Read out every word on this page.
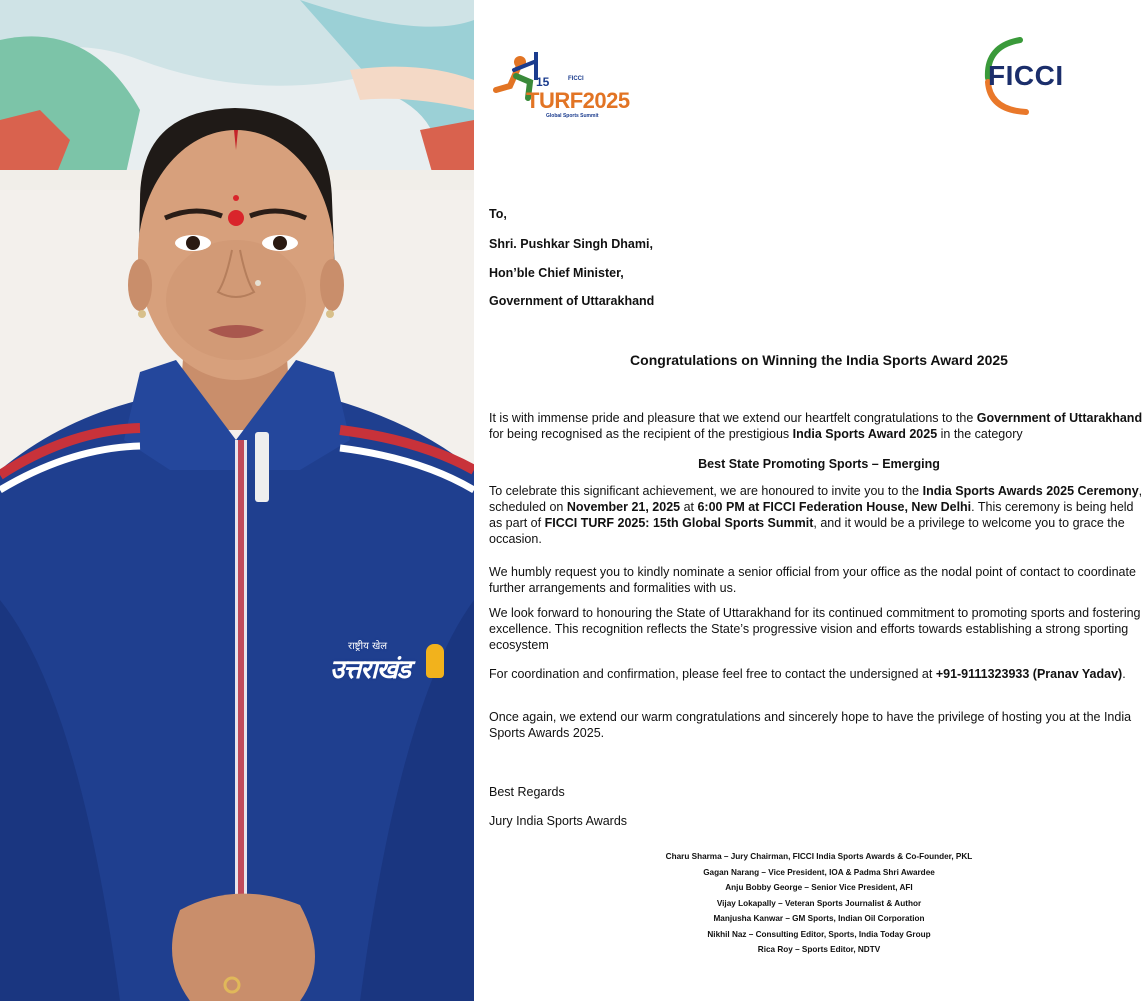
राष्ट्रीय खेल
उत्तराखंड
15	FICCI
TURF2025
Global Sports Summit
FICCI
To,
Shri. Pushkar Singh Dhami,
Hon’ble Chief Minister,
Government of Uttarakhand
Congratulations on Winning the India Sports Award 2025
It is with immense pride and pleasure that we extend our heartfelt congratulations to the Government of Uttarakhand for being recognised as the recipient of the prestigious India Sports Award 2025 in the category
Best State Promoting Sports – Emerging
To celebrate this significant achievement, we are honoured to invite you to the India Sports Awards 2025 Ceremony, scheduled on November 21, 2025 at 6:00 PM at FICCI Federation House, New Delhi. This ceremony is being held as part of FICCI TURF 2025: 15th Global Sports Summit, and it would be a privilege to welcome you to grace the occasion.
We humbly request you to kindly nominate a senior official from your office as the nodal point of contact to coordinate further arrangements and formalities with us.
We look forward to honouring the State of Uttarakhand for its continued commitment to promoting sports and fostering excellence. This recognition reflects the State’s progressive vision and efforts towards establishing a strong sporting ecosystem
For coordination and confirmation, please feel free to contact the undersigned at +91-9111323933 (Pranav Yadav).
Once again, we extend our warm congratulations and sincerely hope to have the privilege of hosting you at the India Sports Awards 2025.
Best Regards
Jury India Sports Awards
Charu Sharma – Jury Chairman, FICCI India Sports Awards & Co-Founder, PKL
Gagan Narang – Vice President, IOA & Padma Shri Awardee
Anju Bobby George – Senior Vice President, AFI
Vijay Lokapally – Veteran Sports Journalist & Author
Manjusha Kanwar – GM Sports, Indian Oil Corporation
Nikhil Naz – Consulting Editor, Sports, India Today Group
Rica Roy – Sports Editor, NDTV
